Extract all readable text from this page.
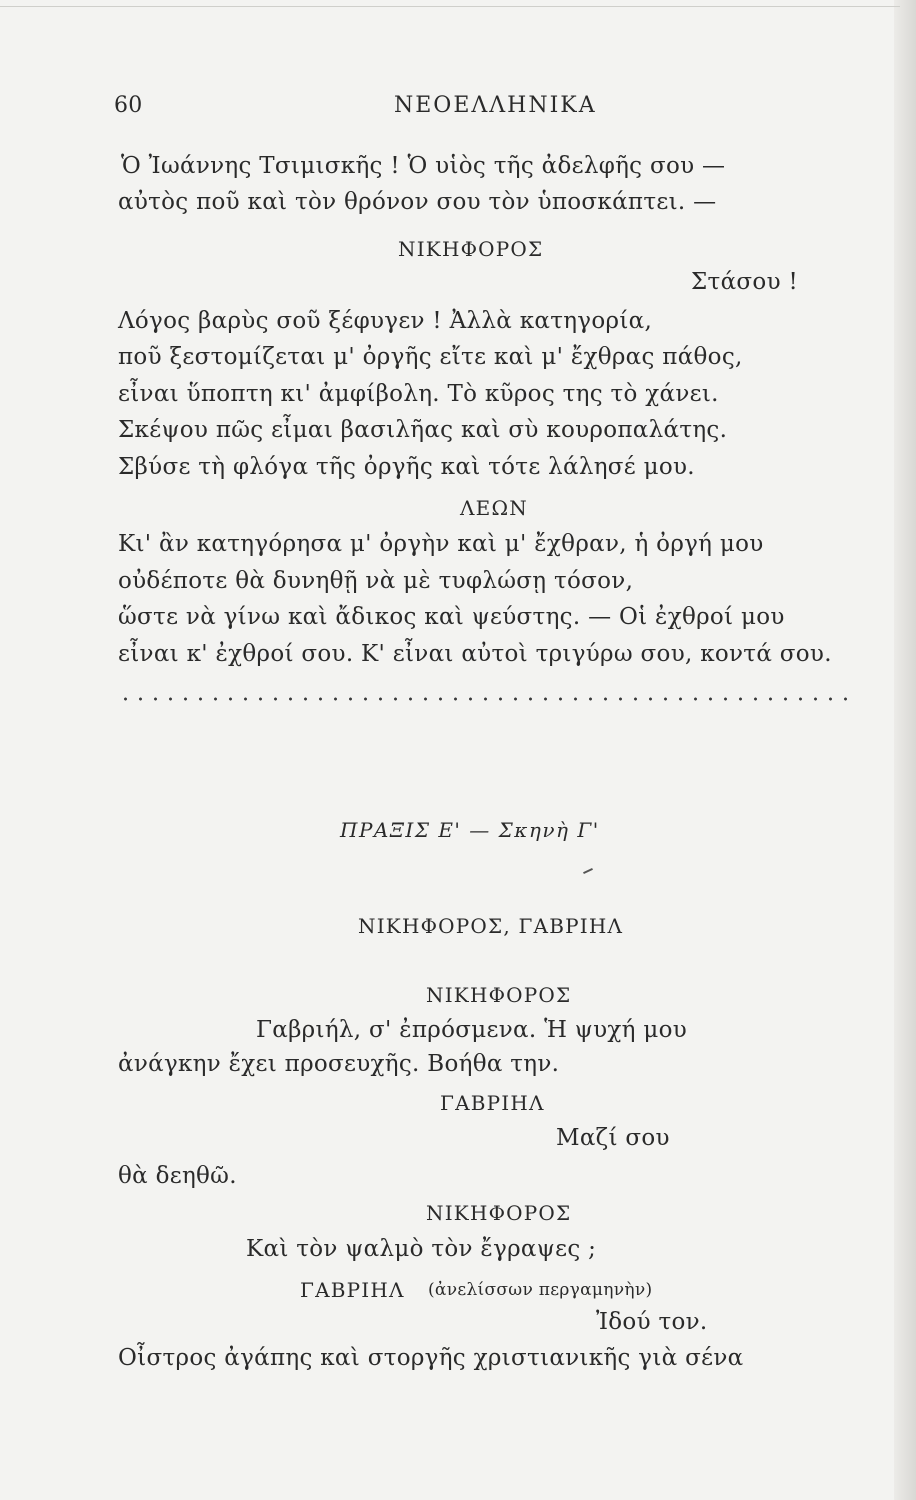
60	ΝΕΟΕΛΛΗΝΙΚΑ
Ὁ Ἰωάννης Τσιμισκῆς ! Ὁ υἱὸς τῆς ἀδελφῆς σου —
αὐτὸς ποῦ καὶ τὸν θρόνον σου τὸν ὑποσκάπτει. —
ΝΙΚΗΦΟΡΟΣ
Στάσου !
Λόγος βαρὺς σοῦ ξέφυγεν ! Ἀλλὰ κατηγορία,
ποῦ ξεστομίζεται μ' ὀργῆς εἴτε καὶ μ' ἔχθρας πάθος,
εἶναι ὕποπτη κι' ἀμφίβολη. Τὸ κῦρος της τὸ χάνει.
Σκέψου πῶς εἶμαι βασιλῆας καὶ σὺ κουροπαλάτης.
Σβύσε τὴ φλόγα τῆς ὀργῆς καὶ τότε λάλησέ μου.
ΛΕΩΝ
Κι' ἂν κατηγόρησα μ' ὀργὴν καὶ μ' ἔχθραν, ἡ ὀργή μου
οὐδέποτε θὰ δυνηθῇ νὰ μὲ τυφλώσῃ τόσον,
ὥστε νὰ γίνω καὶ ἄδικος καὶ ψεύστης. — Οἱ ἐχθροί μου
εἶναι κ' ἐχθροί σου. Κ' εἶναι αὐτοὶ τριγύρω σου, κοντά σου.
ΠΡΑΞΙΣ Ε' — Σκηνὴ Γ'
ΝΙΚΗΦΟΡΟΣ, ΓΑΒΡΙΗΛ
ΝΙΚΗΦΟΡΟΣ
Γαβριήλ, σ' ἐπρόσμενα. Ἡ ψυχή μου
ἀνάγκην ἔχει προσευχῆς. Βοήθα την.
ΓΑΒΡΙΗΛ
Μαζί σου
θὰ δεηθῶ.
ΝΙΚΗΦΟΡΟΣ
Καὶ τὸν ψαλμὸ τὸν ἔγραψες ;
ΓΑΒΡΙΗΛ (ἀνελίσσων περγαμηνὴν)
Ἰδού τον.
Οἶστρος ἀγάπης καὶ στοργῆς χριστιανικῆς γιὰ σένα
